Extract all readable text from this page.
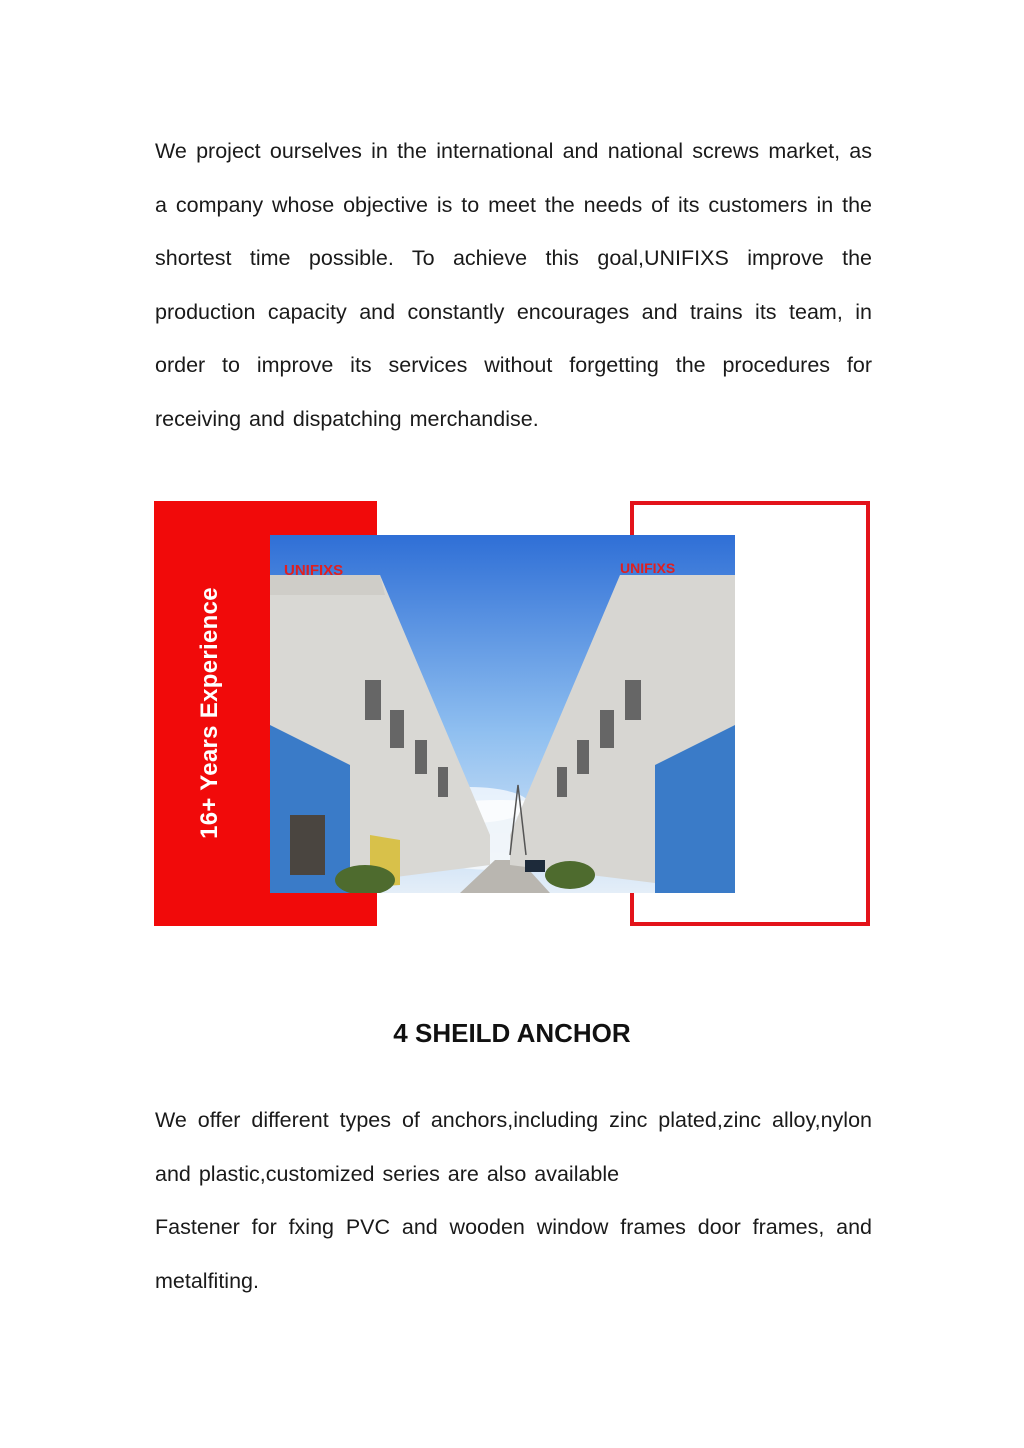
We project ourselves in the international and national screws market, as a company whose objective is to meet the needs of its customers in the shortest time possible. To achieve this goal,UNIFIXS improve the production capacity and constantly encourages and trains its team, in order to improve its services without forgetting the procedures for receiving and dispatching merchandise.

16+ Years Experience
UNIFIXS	UNIFIXS
4 SHEILD ANCHOR
We offer different types of anchors,including zinc plated,zinc alloy,nylon and plastic,customized series are also available
Fastener for fxing PVC and wooden window frames door frames, and metalfiting.
